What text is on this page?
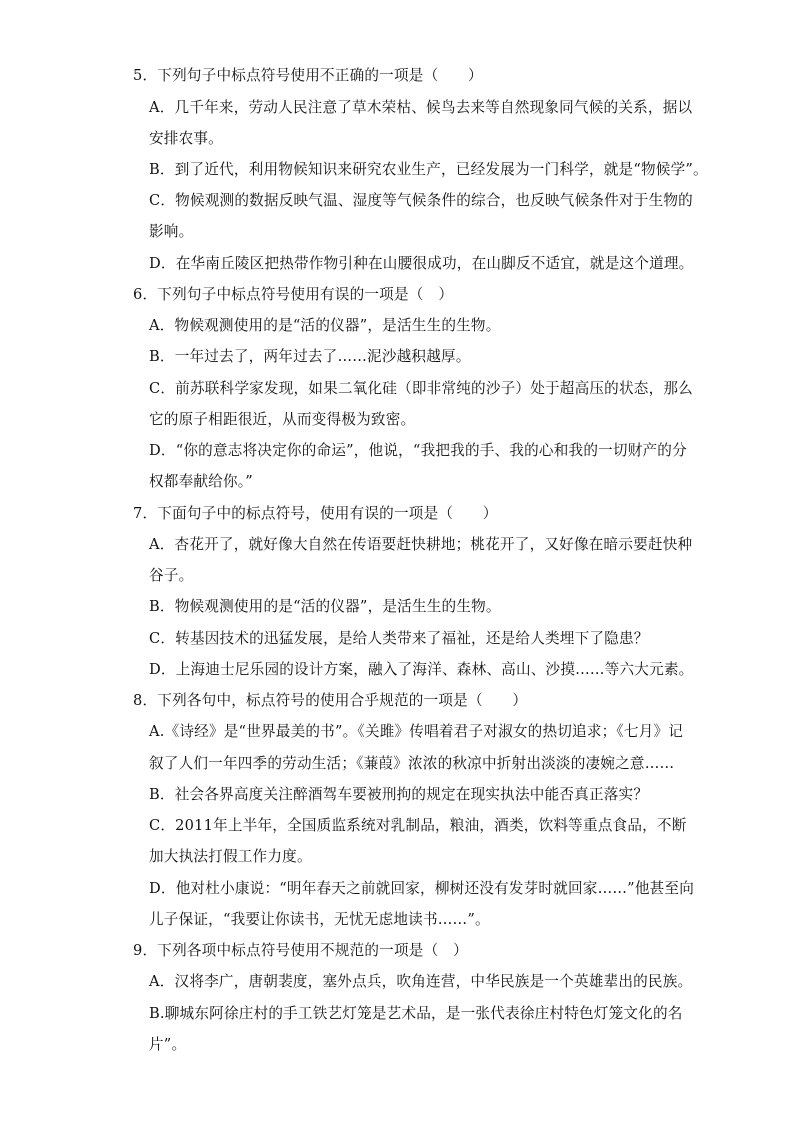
5．下列句子中标点符号使用不正确的一项是（　　）
A．几千年来，劳动人民注意了草木荣枯、候鸟去来等自然现象同气候的关系，据以
安排农事。
B．到了近代，利用物候知识来研究农业生产，已经发展为一门科学，就是“物候学”。
C．物候观测的数据反映气温、湿度等气候条件的综合，也反映气候条件对于生物的
影响。
D．在华南丘陵区把热带作物引种在山腰很成功，在山脚反不适宜，就是这个道理。
6．下列句子中标点符号使用有误的一项是（　）
A．物候观测使用的是“活的仪器”，是活生生的生物。
B．一年过去了，两年过去了……泥沙越积越厚。
C．前苏联科学家发现，如果二氧化硅（即非常纯的沙子）处于超高压的状态，那么
它的原子相距很近，从而变得极为致密。
D．“你的意志将决定你的命运”，他说，“我把我的手、我的心和我的一切财产的分
权都奉献给你。”
7．下面句子中的标点符号，使用有误的一项是（　　）
A．杏花开了，就好像大自然在传语要赶快耕地；桃花开了，又好像在暗示要赶快种
谷子。
B．物候观测使用的是“活的仪器”，是活生生的生物。
C．转基因技术的迅猛发展，是给人类带来了福祉，还是给人类埋下了隐患？
D．上海迪士尼乐园的设计方案，融入了海洋、森林、高山、沙摸……等六大元素。
8．下列各句中，标点符号的使用合乎规范的一项是（　　）
A.《诗经》是“世界最美的书”。《关雎》传唱着君子对淑女的热切追求；《七月》记
叙了人们一年四季的劳动生活；《蒹葭》浓浓的秋凉中折射出淡淡的凄婉之意……
B．社会各界高度关注醉酒驾车要被刑拘的规定在现实执法中能否真正落实？
C．2011年上半年，全国质监系统对乳制品，粮油，酒类，饮料等重点食品，不断
加大执法打假工作力度。
D．他对杜小康说：“明年春天之前就回家，柳树还没有发芽时就回家……”他甚至向
儿子保证，“我要让你读书，无忧无虑地读书……”。
9．下列各项中标点符号使用不规范的一项是（　）
A．汉将李广，唐朝裴度，塞外点兵，吹角连营，中华民族是一个英雄辈出的民族。
B.聊城东阿徐庄村的手工铁艺灯笼是艺术品，是一张代表徐庄村特色灯笼文化的名
片”。
